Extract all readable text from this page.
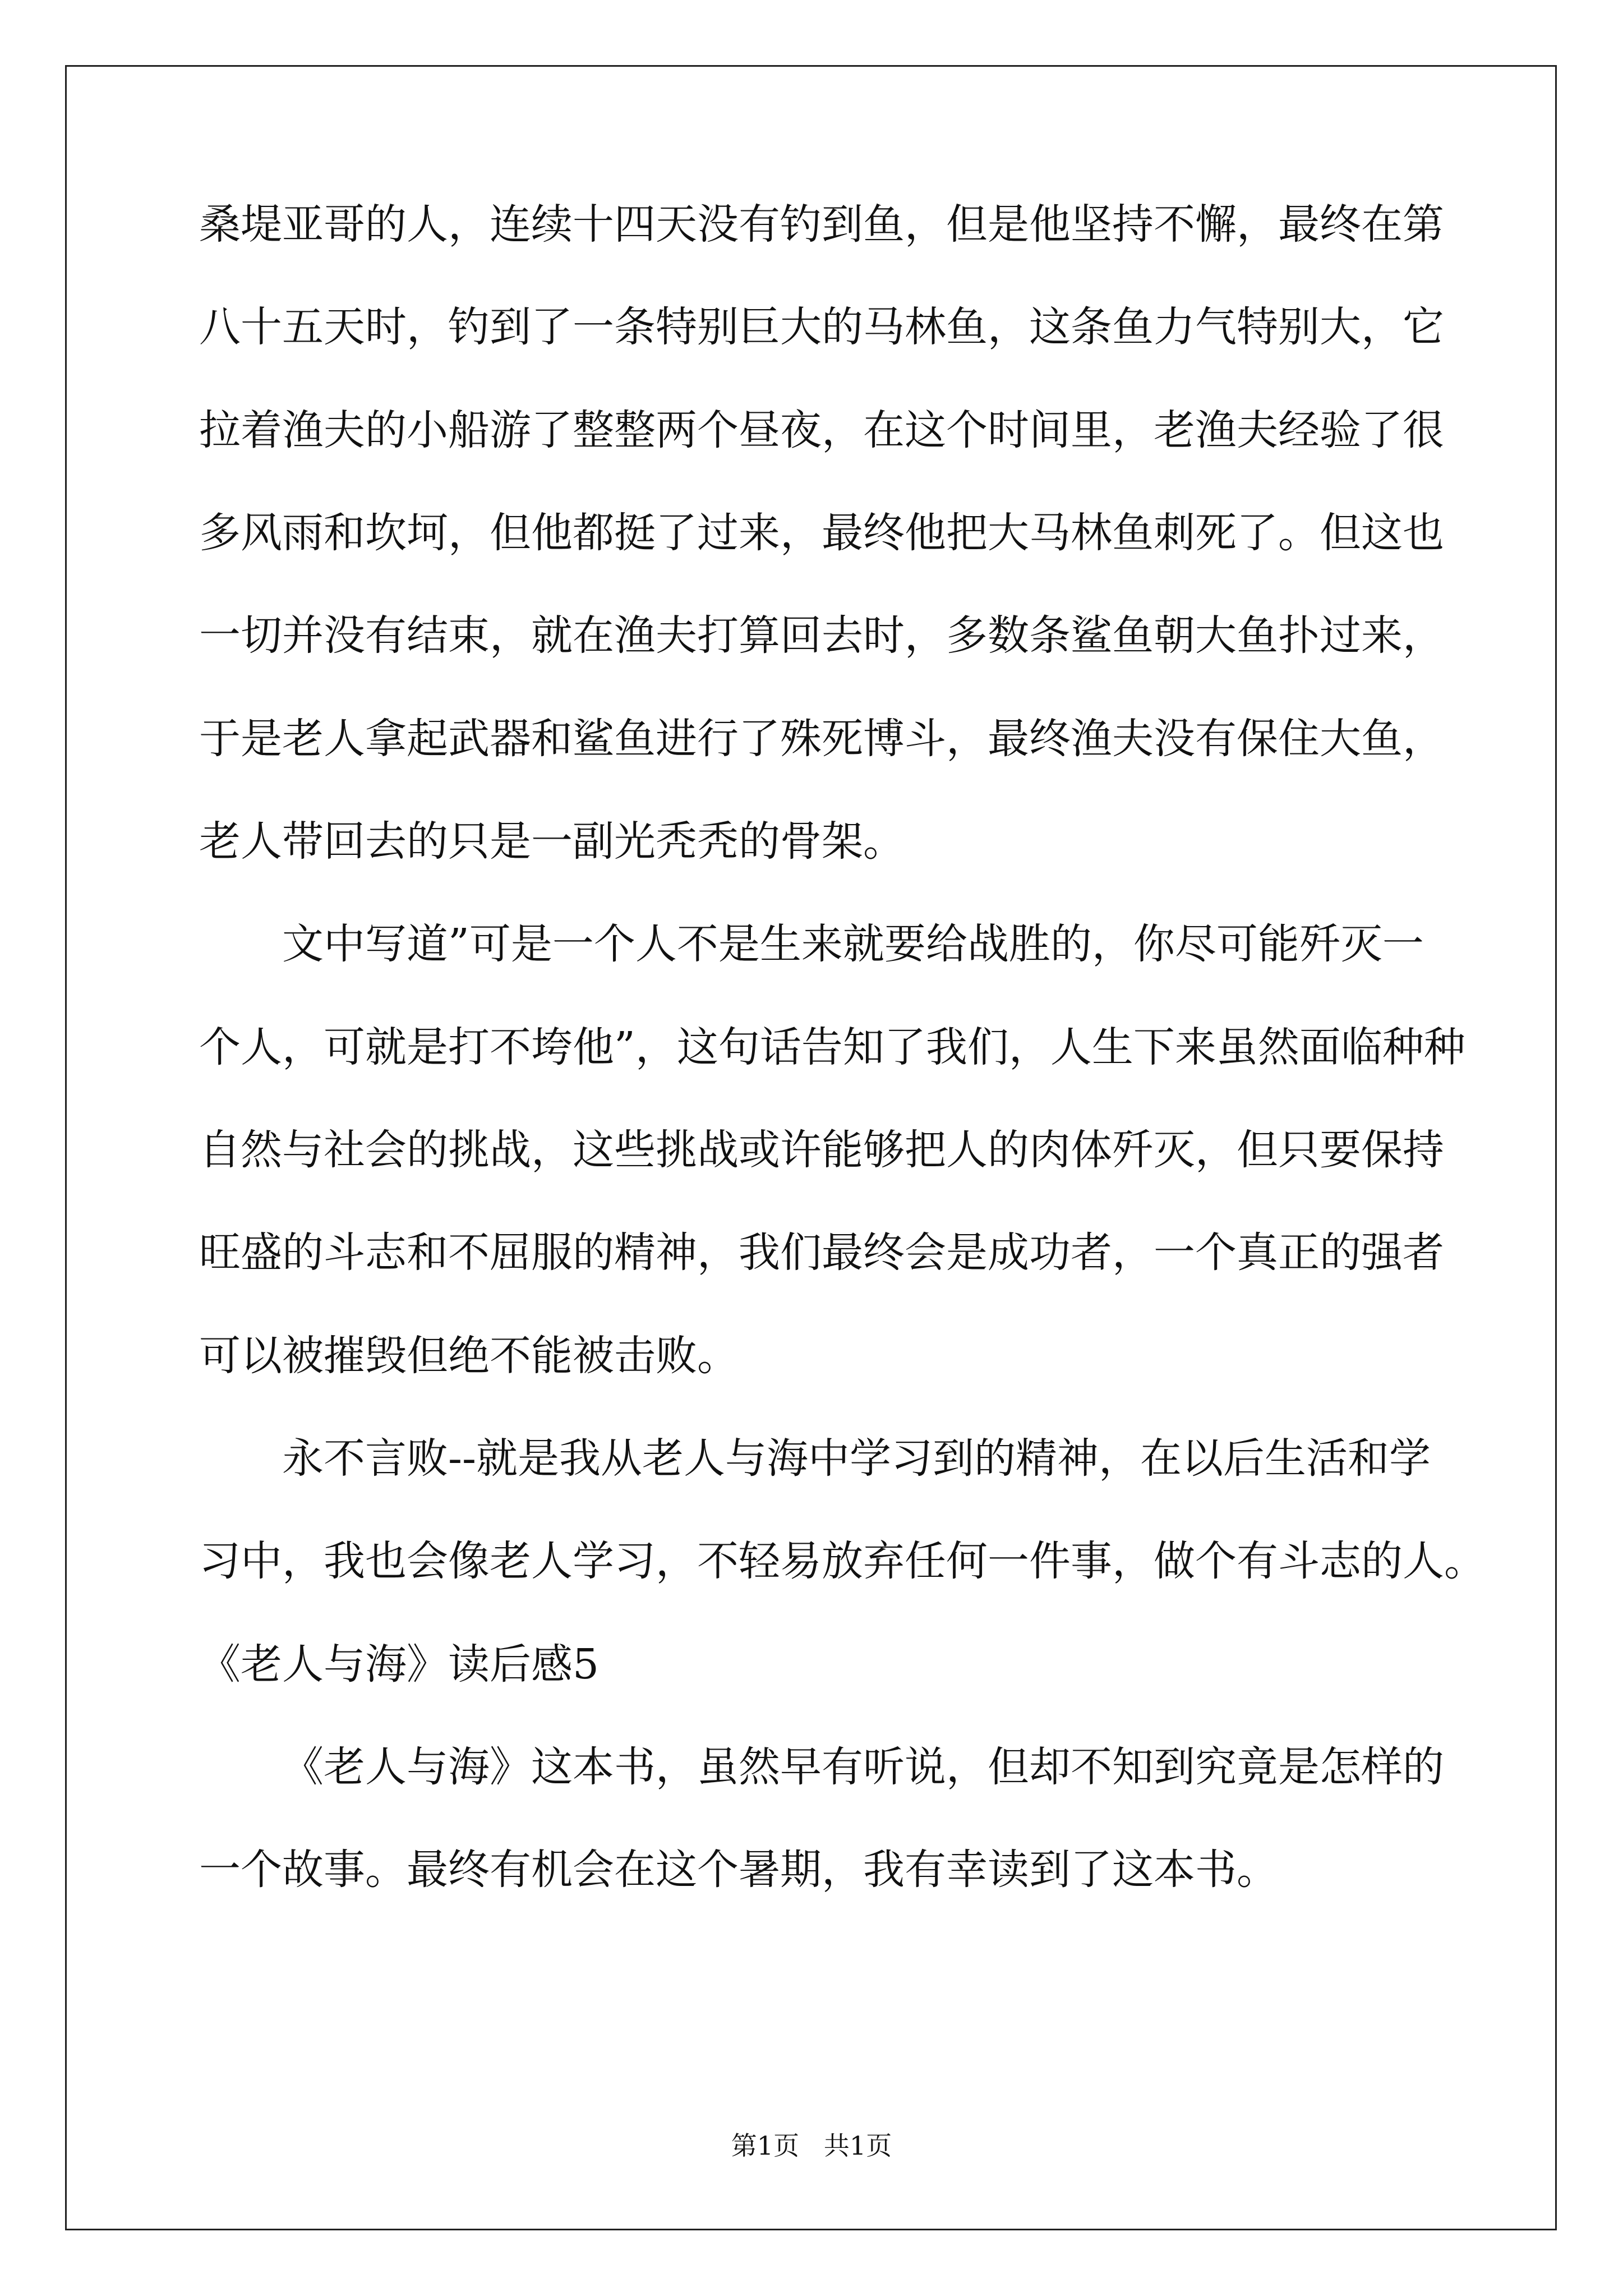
桑堤亚哥的人，连续十四天没有钓到鱼，但是他坚持不懈，最终在第
八十五天时，钓到了一条特别巨大的马林鱼，这条鱼力气特别大，它
拉着渔夫的小船游了整整两个昼夜，在这个时间里，老渔夫经验了很
多风雨和坎坷，但他都挺了过来，最终他把大马林鱼刺死了。但这也
一切并没有结束，就在渔夫打算回去时，多数条鲨鱼朝大鱼扑过来，
于是老人拿起武器和鲨鱼进行了殊死博斗，最终渔夫没有保住大鱼，
老人带回去的只是一副光秃秃的骨架。
文中写道”可是一个人不是生来就要给战胜的，你尽可能歼灭一
个人，可就是打不垮他”，这句话告知了我们，人生下来虽然面临种种
自然与社会的挑战，这些挑战或许能够把人的肉体歼灭，但只要保持
旺盛的斗志和不屈服的精神，我们最终会是成功者，一个真正的强者
可以被摧毁但绝不能被击败。
永不言败--就是我从老人与海中学习到的精神，在以后生活和学
习中，我也会像老人学习，不轻易放弃任何一件事，做个有斗志的人。
《老人与海》读后感5
《老人与海》这本书，虽然早有听说，但却不知到究竟是怎样的
一个故事。最终有机会在这个暑期，我有幸读到了这本书。
第1页   共1页
